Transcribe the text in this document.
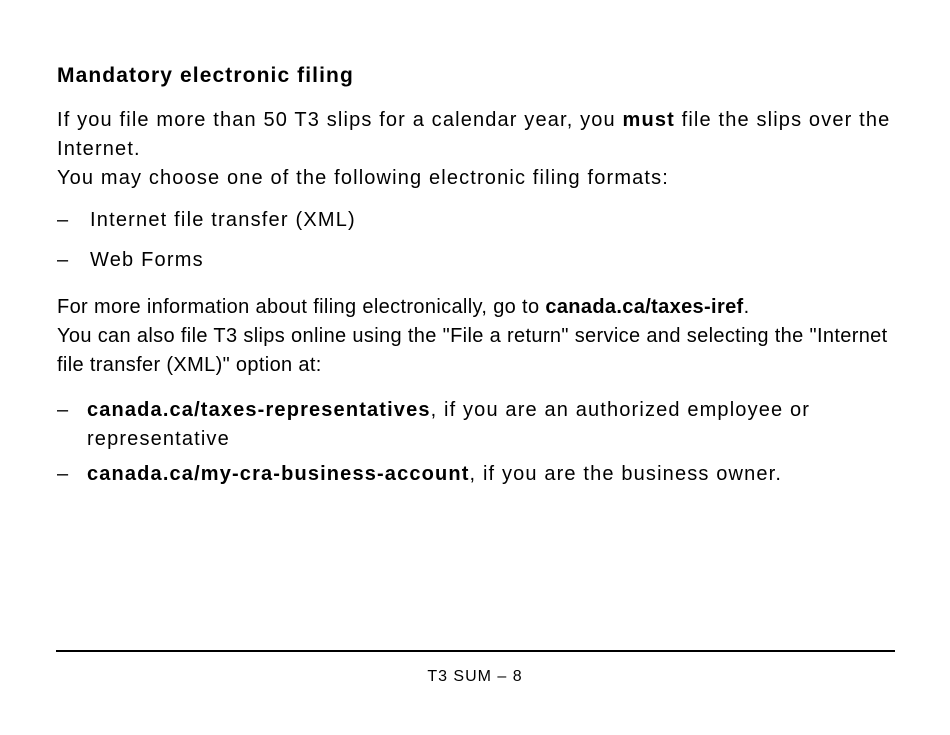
Mandatory electronic filing

If you file more than 50 T3 slips for a calendar year, you must file the slips over the Internet.
You may choose one of the following electronic filing formats:

– Internet file transfer (XML)
– Web Forms

For more information about filing electronically, go to canada.ca/taxes-iref.
You can also file T3 slips online using the "File a return" service and selecting the "Internet file transfer (XML)" option at:

– canada.ca/taxes-representatives, if you are an authorized employee or representative
– canada.ca/my-cra-business-account, if you are the business owner.

T3 SUM – 8
